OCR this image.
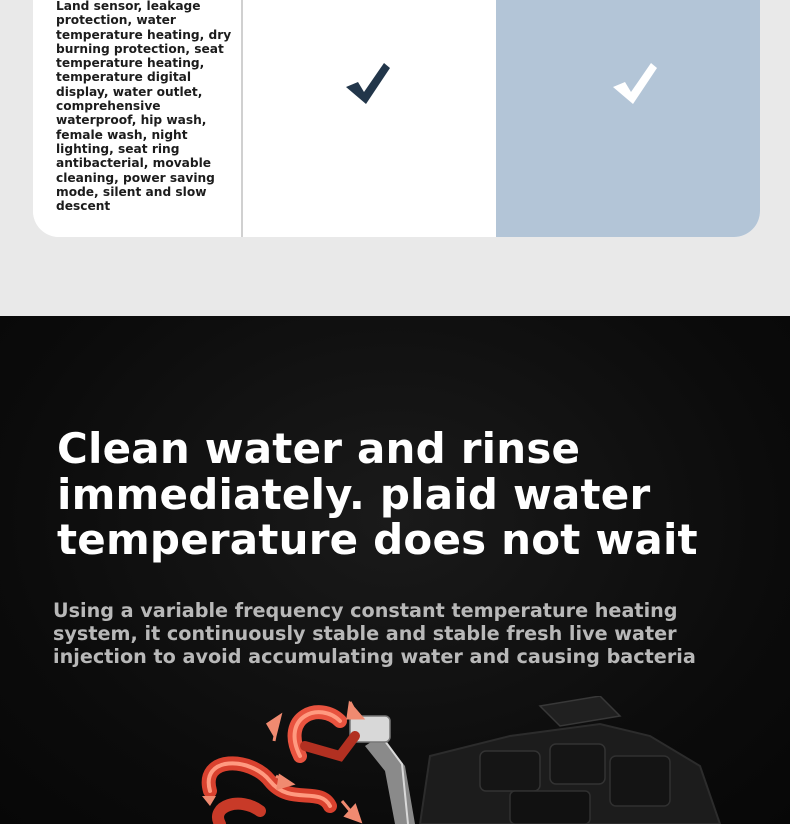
Land sensor, leakage protection, water temperature heating, dry burning protection, seat temperature heating, temperature digital display, water outlet, comprehensive waterproof, hip wash, female wash, night lighting, seat ring antibacterial, movable cleaning, power saving mode, silent and slow descent
Clean water and rinse immediately. plaid water temperature does not wait

Using a variable frequency constant temperature heating system, it continuously stable and stable fresh live water injection to avoid accumulating water and causing bacteria
